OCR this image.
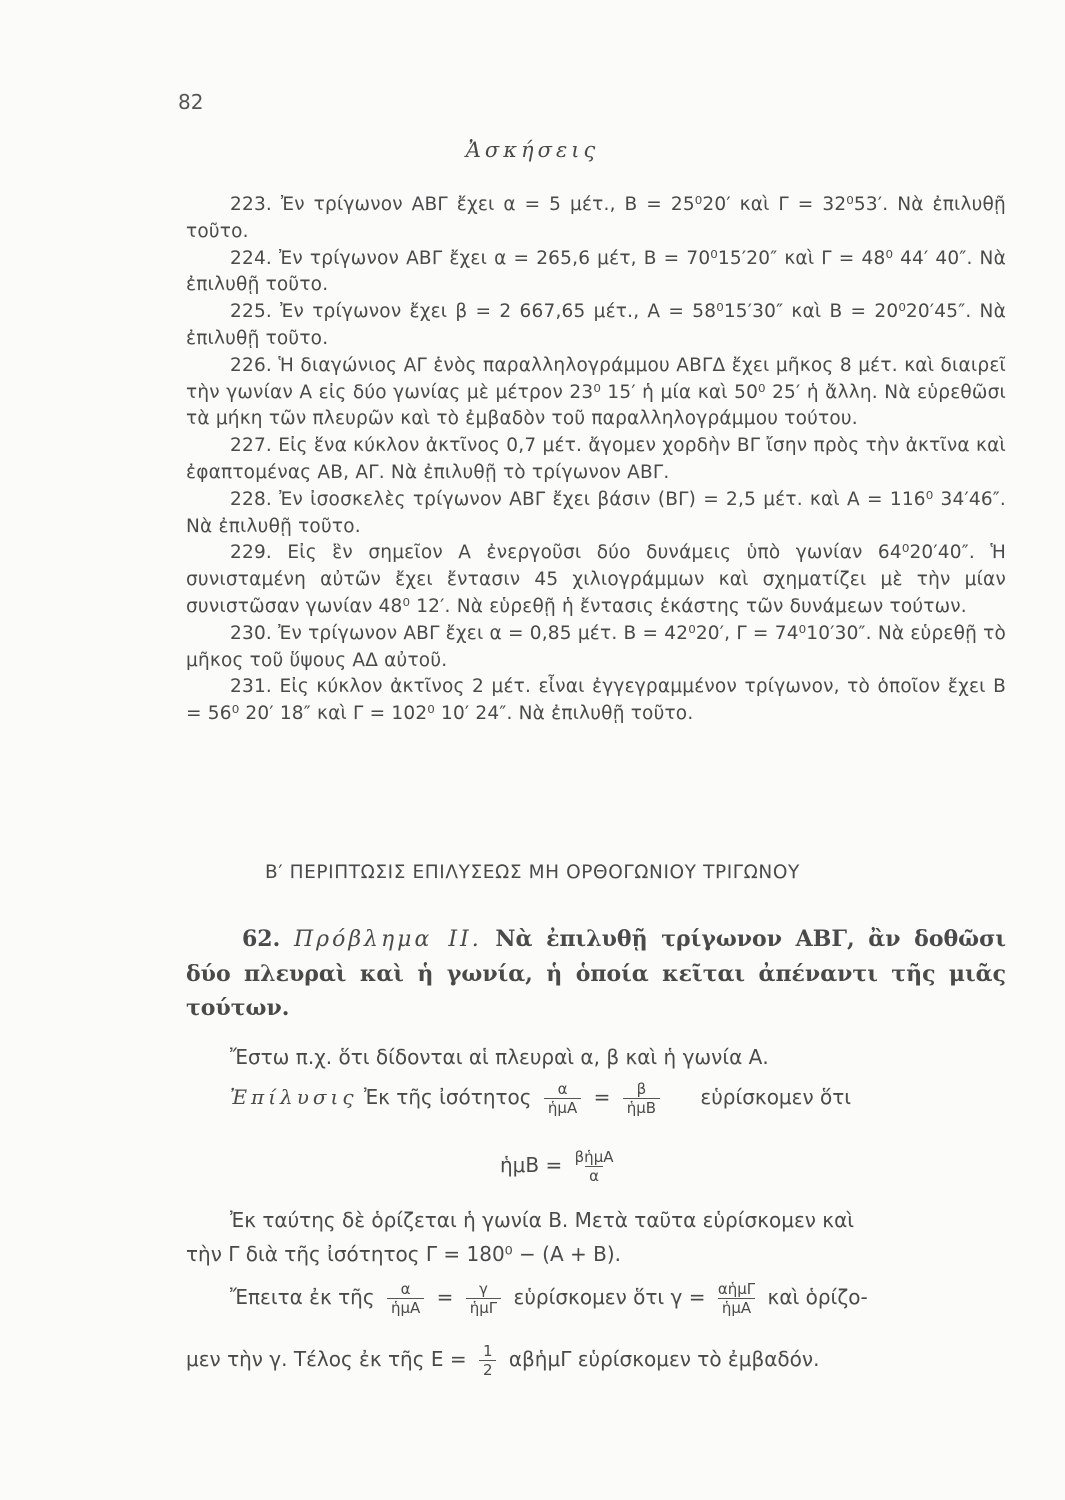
82
Ἀσκήσεις

223. Ἐν τρίγωνον ΑΒΓ ἔχει α = 5 μέτ., Β = 25⁰20′ καὶ Γ = 32⁰53′. Νὰ ἐπιλυθῇ τοῦτο.

224. Ἐν τρίγωνον ΑΒΓ ἔχει α = 265,6 μέτ, Β = 70⁰15′20″ καὶ Γ = 48⁰ 44′ 40″. Νὰ ἐπιλυθῇ τοῦτο.

225. Ἐν τρίγωνον ἔχει β = 2 667,65 μέτ., Α = 58⁰15′30″ καὶ Β = 20⁰20′45″. Νὰ ἐπιλυθῇ τοῦτο.

226. Ἡ διαγώνιος ΑΓ ἑνὸς παραλληλογράμμου ΑΒΓΔ ἔχει μῆκος 8 μέτ. καὶ διαιρεῖ τὴν γωνίαν Α εἰς δύο γωνίας μὲ μέτρον 23⁰ 15′ ἡ μία καὶ 50⁰ 25′ ἡ ἄλλη. Νὰ εὑρεθῶσι τὰ μήκη τῶν πλευρῶν καὶ τὸ ἐμβαδὸν τοῦ παραλληλογράμμου τούτου.

227. Εἰς ἕνα κύκλον ἀκτῖνος 0,7 μέτ. ἄγομεν χορδὴν ΒΓ ἴσην πρὸς τὴν ἀκτῖνα καὶ ἐφαπτομένας ΑΒ, ΑΓ. Νὰ ἐπιλυθῇ τὸ τρίγωνον ΑΒΓ.

228. Ἐν ἰσοσκελὲς τρίγωνον ΑΒΓ ἔχει βάσιν (ΒΓ) = 2,5 μέτ. καὶ Α = 116⁰ 34′46″. Νὰ ἐπιλυθῇ τοῦτο.

229. Εἰς ἓν σημεῖον Α ἐνεργοῦσι δύο δυνάμεις ὑπὸ γωνίαν 64⁰20′40″. Ἡ συνισταμένη αὐτῶν ἔχει ἔντασιν 45 χιλιογράμμων καὶ σχηματίζει μὲ τὴν μίαν συνιστῶσαν γωνίαν 48⁰ 12′. Νὰ εὑρεθῇ ἡ ἔντασις ἑκάστης τῶν δυνάμεων τούτων.

230. Ἐν τρίγωνον ΑΒΓ ἔχει α = 0,85 μέτ. Β = 42⁰20′, Γ = 74⁰10′30″. Νὰ εὑρεθῇ τὸ μῆκος τοῦ ὕψους ΑΔ αὐτοῦ.

231. Εἰς κύκλον ἀκτῖνος 2 μέτ. εἶναι ἐγγεγραμμένον τρίγωνον, τὸ ὁποῖον ἔχει Β = 56⁰ 20′ 18″ καὶ Γ = 102⁰ 10′ 24″. Νὰ ἐπιλυθῇ τοῦτο.

Β′ ΠΕΡΙΠΤΩΣΙΣ ΕΠΙΛΥΣΕΩΣ ΜΗ ΟΡΘΟΓΩΝΙΟΥ ΤΡΙΓΩΝΟΥ
62. Πρόβλημα ΙΙ. Νὰ ἐπιλυθῇ τρίγωνον ΑΒΓ, ἂν δοθῶσι δύο πλευραὶ καὶ ἡ γωνία, ἡ ὁποία κεῖται ἀπέναντι τῆς μιᾶς τούτων.
Ἔστω π.χ. ὅτι δίδονται αἱ πλευραὶ α, β καὶ ἡ γωνία Α.
Ἐπίλυσις Ἐκ τῆς ἰσότητος $\frac{\alpha}{\text{ἡμΑ}} = \frac{\beta}{\text{ἡμΒ}}$ εὑρίσκομεν ὅτι
ἡμΒ = $\frac{\text{βἡμΑ}}{\alpha}$
Ἐκ ταύτης δὲ ὁρίζεται ἡ γωνία Β. Μετὰ ταῦτα εὑρίσκομεν καὶ
τὴν Γ διὰ τῆς ἰσότητος Γ = 180⁰ − (Α + Β).
Ἔπειτα ἐκ τῆς $\frac{\alpha}{\text{ἡμΑ}} = \frac{\gamma}{\text{ἡμΓ}}$ εὑρίσκομεν ὅτι $\gamma = \frac{\text{αἡμΓ}}{\text{ἡμΑ}}$ καὶ ὁρίζο-
μεν τὴν γ. Τέλος ἐκ τῆς $E = \frac{1}{2}$ αβἡμΓ εὑρίσκομεν τὸ ἐμβαδόν.
